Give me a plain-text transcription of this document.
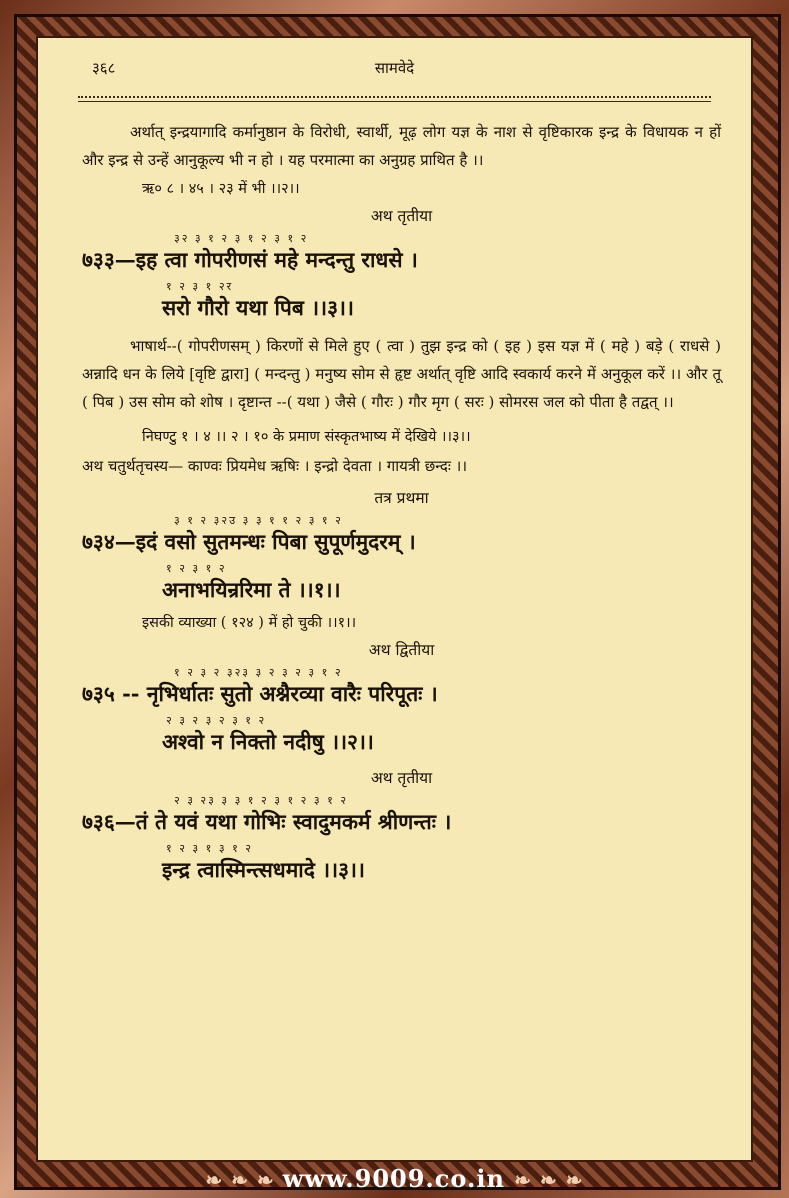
३६८	सामवेदे

अर्थात् इन्द्रयागादि कर्मानुष्ठान के विरोधी, स्वार्थी, मूढ़ लोग यज्ञ के नाश से वृष्टिकारक इन्द्र के विधायक न हों और इन्द्र से उन्हें आनुकूल्य भी न हो । यह परमात्मा का अनुग्रह प्राथित है ।।

ऋ० ८ । ४५ । २३ में भी ।।२।।
अथ तृतीया
३२ ३ १ २ ३ १ २ ३ १ २

७३३—इह त्वा गोपरीणसं महे मन्दन्तु राधसे ।

१ २ ३ १ २र

सरो गौरो यथा पिब ।।३।।

भाषार्थ--( गोपरीणसम् ) किरणों से मिले हुए ( त्वा ) तुझ इन्द्र को ( इह ) इस यज्ञ में ( महे ) बड़े ( राधसे ) अन्नादि धन के लिये [वृष्टि द्वारा] ( मन्दन्तु ) मनुष्य सोम से हृष्ट अर्थात् वृष्टि आदि स्वकार्य करने में अनुकूल करें ।। और तू ( पिब ) उस सोम को शोष । दृष्टान्त --( यथा ) जैसे ( गौरः ) गौर मृग ( सरः ) सोमरस जल को पीता है तद्वत् ।।

निघण्टु १ । ४ ।। २ । १० के प्रमाण संस्कृतभाष्य में देखिये ।।३।।

अथ चतुर्थतृचस्य— काण्वः प्रियमेध ऋषिः । इन्द्रो देवता । गायत्री छन्दः ।।

तत्र प्रथमा
३ १ २ ३२उ ३ ३ १ १ २ ३ १ २

७३४—इदं वसो सुतमन्धः पिबा सुपूर्णमुदरम् ।

१ २ ३ १ २

अनाभयिन्ररिमा ते ।।१।।

इसकी व्याख्या ( १२४ ) में हो चुकी ।।१।।
अथ द्वितीया
१ २ ३ २ ३२३ ३ २ ३ २ ३ १ २

७३५ -- नृभिर्धातः सुतो अश्नैरव्या वारैः परिपूतः ।

२ ३ २ ३ २ ३ १ २

अश्वो न निक्तो नदीषु ।।२।।

अथ तृतीया
२ ३ २३ ३ ३ १ २ ३ १ २ ३ १ २

७३६—तं ते यवं यथा गोभिः स्वादुमकर्म श्रीणन्तः ।

१ २ ३ १ ३ १ २

इन्द्र त्वास्मिन्त्सधमादे ।।३।।

❧ ❧ ❧ www.9009.co.in ❧ ❧ ❧
